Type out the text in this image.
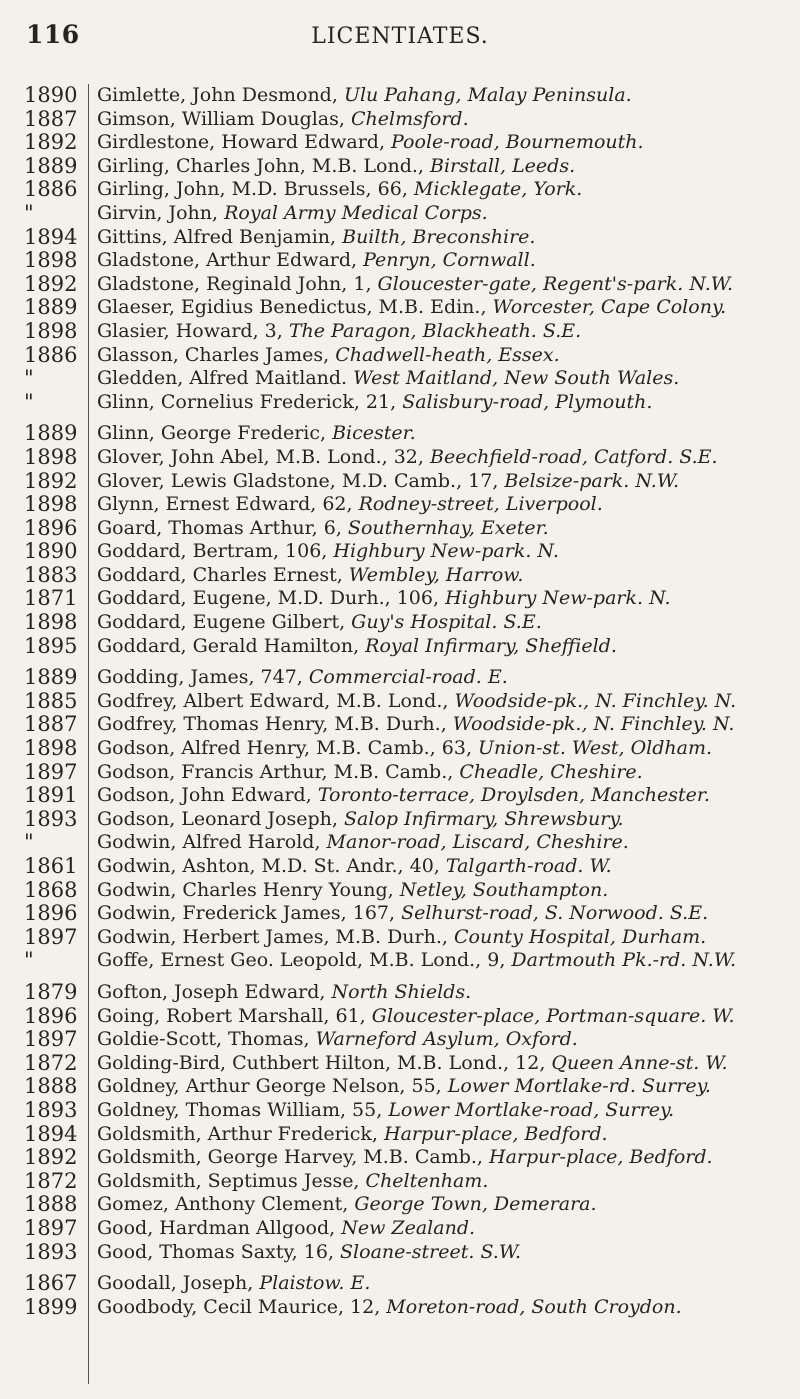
116	LICENTIATES.
1890
1887
1892
1889
1886
"
1894
1898
1892
1889
1898
1886
"
"
1889
1898
1892
1898
1896
1890
1883
1871
1898
1895
1889
1885
1887
1898
1897
1891
1893
"
1861
1868
1896
1897
"
1879
1896
1897
1872
1888
1893
1894
1892
1872
1888
1897
1893
1867
1899
Gimlette, John Desmond, Ulu Pahang, Malay Peninsula.
Gimson, William Douglas, Chelmsford.
Girdlestone, Howard Edward, Poole-road, Bournemouth.
Girling, Charles John, M.B. Lond., Birstall, Leeds.
Girling, John, M.D. Brussels, 66, Micklegate, York.
Girvin, John, Royal Army Medical Corps.
Gittins, Alfred Benjamin, Builth, Breconshire.
Gladstone, Arthur Edward, Penryn, Cornwall.
Gladstone, Reginald John, 1, Gloucester-gate, Regent's-park. N.W.
Glaeser, Egidius Benedictus, M.B. Edin., Worcester, Cape Colony.
Glasier, Howard, 3, The Paragon, Blackheath. S.E.
Glasson, Charles James, Chadwell-heath, Essex.
Gledden, Alfred Maitland. West Maitland, New South Wales.
Glinn, Cornelius Frederick, 21, Salisbury-road, Plymouth.
Glinn, George Frederic, Bicester.
Glover, John Abel, M.B. Lond., 32, Beechfield-road, Catford. S.E.
Glover, Lewis Gladstone, M.D. Camb., 17, Belsize-park. N.W.
Glynn, Ernest Edward, 62, Rodney-street, Liverpool.
Goard, Thomas Arthur, 6, Southernhay, Exeter.
Goddard, Bertram, 106, Highbury New-park. N.
Goddard, Charles Ernest, Wembley, Harrow.
Goddard, Eugene, M.D. Durh., 106, Highbury New-park. N.
Goddard, Eugene Gilbert, Guy's Hospital. S.E.
Goddard, Gerald Hamilton, Royal Infirmary, Sheffield.
Godding, James, 747, Commercial-road. E.
Godfrey, Albert Edward, M.B. Lond., Woodside-pk., N. Finchley. N.
Godfrey, Thomas Henry, M.B. Durh., Woodside-pk., N. Finchley. N.
Godson, Alfred Henry, M.B. Camb., 63, Union-st. West, Oldham.
Godson, Francis Arthur, M.B. Camb., Cheadle, Cheshire.
Godson, John Edward, Toronto-terrace, Droylsden, Manchester.
Godson, Leonard Joseph, Salop Infirmary, Shrewsbury.
Godwin, Alfred Harold, Manor-road, Liscard, Cheshire.
Godwin, Ashton, M.D. St. Andr., 40, Talgarth-road. W.
Godwin, Charles Henry Young, Netley, Southampton.
Godwin, Frederick James, 167, Selhurst-road, S. Norwood. S.E.
Godwin, Herbert James, M.B. Durh., County Hospital, Durham.
Goffe, Ernest Geo. Leopold, M.B. Lond., 9, Dartmouth Pk.-rd. N.W.
Gofton, Joseph Edward, North Shields.
Going, Robert Marshall, 61, Gloucester-place, Portman-square. W.
Goldie-Scott, Thomas, Warneford Asylum, Oxford.
Golding-Bird, Cuthbert Hilton, M.B. Lond., 12, Queen Anne-st. W.
Goldney, Arthur George Nelson, 55, Lower Mortlake-rd. Surrey.
Goldney, Thomas William, 55, Lower Mortlake-road, Surrey.
Goldsmith, Arthur Frederick, Harpur-place, Bedford.
Goldsmith, George Harvey, M.B. Camb., Harpur-place, Bedford.
Goldsmith, Septimus Jesse, Cheltenham.
Gomez, Anthony Clement, George Town, Demerara.
Good, Hardman Allgood, New Zealand.
Good, Thomas Saxty, 16, Sloane-street. S.W.
Goodall, Joseph, Plaistow. E.
Goodbody, Cecil Maurice, 12, Moreton-road, South Croydon.
